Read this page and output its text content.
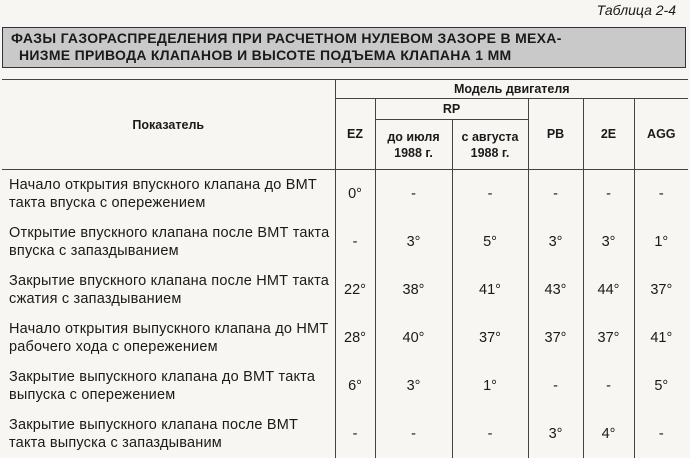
Таблица 2-4
ФАЗЫ ГАЗОРАСПРЕДЕЛЕНИЯ ПРИ РАСЧЕТНОМ НУЛЕВОМ ЗАЗОРЕ В МЕХА-
НИЗМЕ ПРИВОДА КЛАПАНОВ И ВЫСОТЕ ПОДЪЕМА КЛАПАНА 1 ММ
Показатель	Модель двигателя					
	EZ	RP		PB	2E	AGG
		до июля 1988 г.	с августа 1988 г.			
Начало открытия впускного клапана до ВМТ такта впуска с опережением	0°	-	-	-	-	-
Открытие впускного клапана после ВМТ такта впуска с запаздыванием	-	3°	5°	3°	3°	1°
Закрытие впускного клапана после НМТ такта сжатия с запаздыванием	22°	38°	41°	43°	44°	37°
Начало открытия выпускного клапана до НМТ рабочего хода с опережением	28°	40°	37°	37°	37°	41°
Закрытие выпускного клапана до ВМТ такта выпуска с опережением	6°	3°	1°	-	-	5°
Закрытие выпускного клапана после ВМТ такта выпуска с запаздываним	-	-	-	3°	4°	-
